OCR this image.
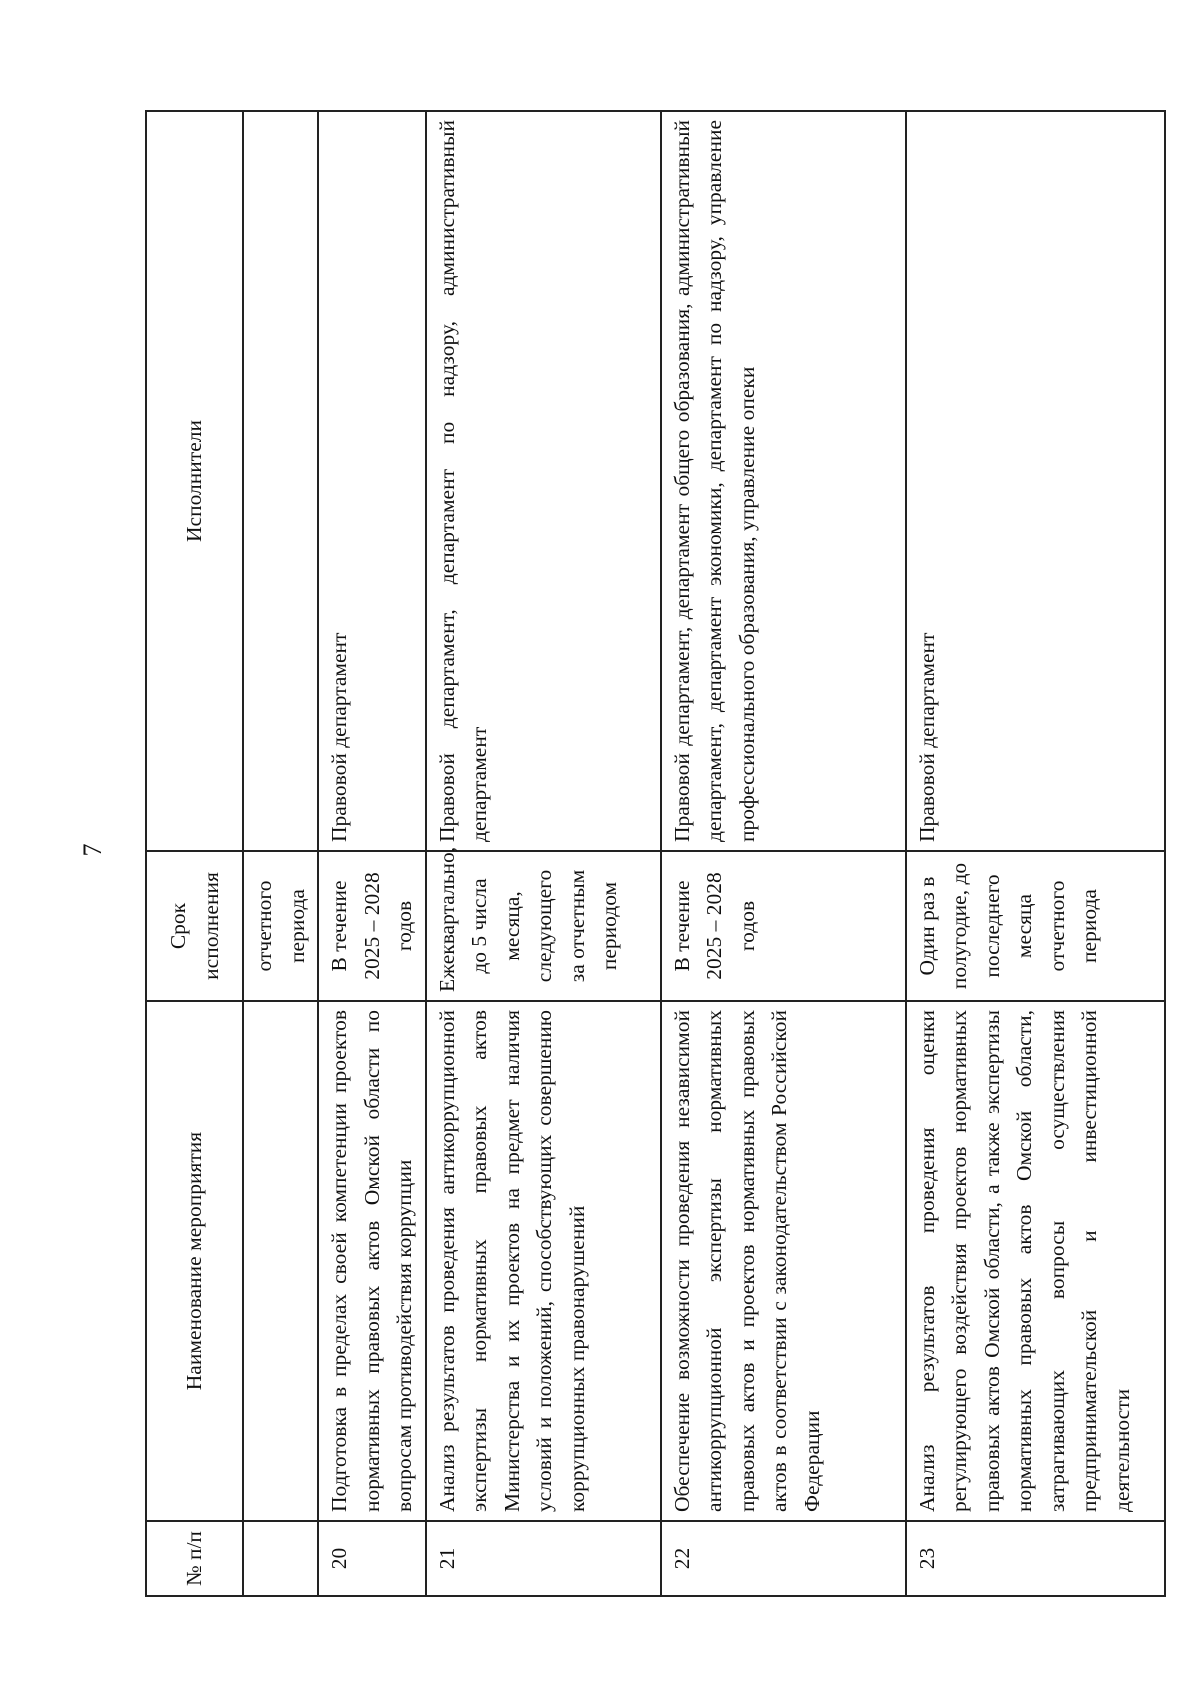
7
№ п/п	Наименование мероприятия	Срок исполнения	Исполнители
		отчетного периода	
20	Подготовка в пределах своей компетенции проектов нормативных правовых актов Омской области по вопросам противодействия коррупции	В течение 2025 – 2028 годов	Правовой департамент
21	Анализ результатов проведения антикоррупционной экспертизы нормативных правовых актов Министерства и их проектов на предмет наличия условий и положений, способствующих совершению коррупционных правонарушений	Ежеквартально, до 5 числа месяца, следующего за отчетным периодом	Правовой департамент, департамент по надзору, административный департамент
22	Обеспечение возможности проведения независимой антикоррупционной экспертизы нормативных правовых актов и проектов нормативных правовых актов в соответствии с законодательством Российской Федерации	В течение 2025 – 2028 годов	Правовой департамент, департамент общего образования, административный департамент, департамент экономики, департамент по надзору, управление профессионального образования, управление опеки
23	Анализ результатов проведения оценки регулирующего воздействия проектов нормативных правовых актов Омской области, а также экспертизы нормативных правовых актов Омской области, затрагивающих вопросы осуществления предпринимательской и инвестиционной деятельности	Один раз в полугодие, до последнего месяца отчетного периода	Правовой департамент
